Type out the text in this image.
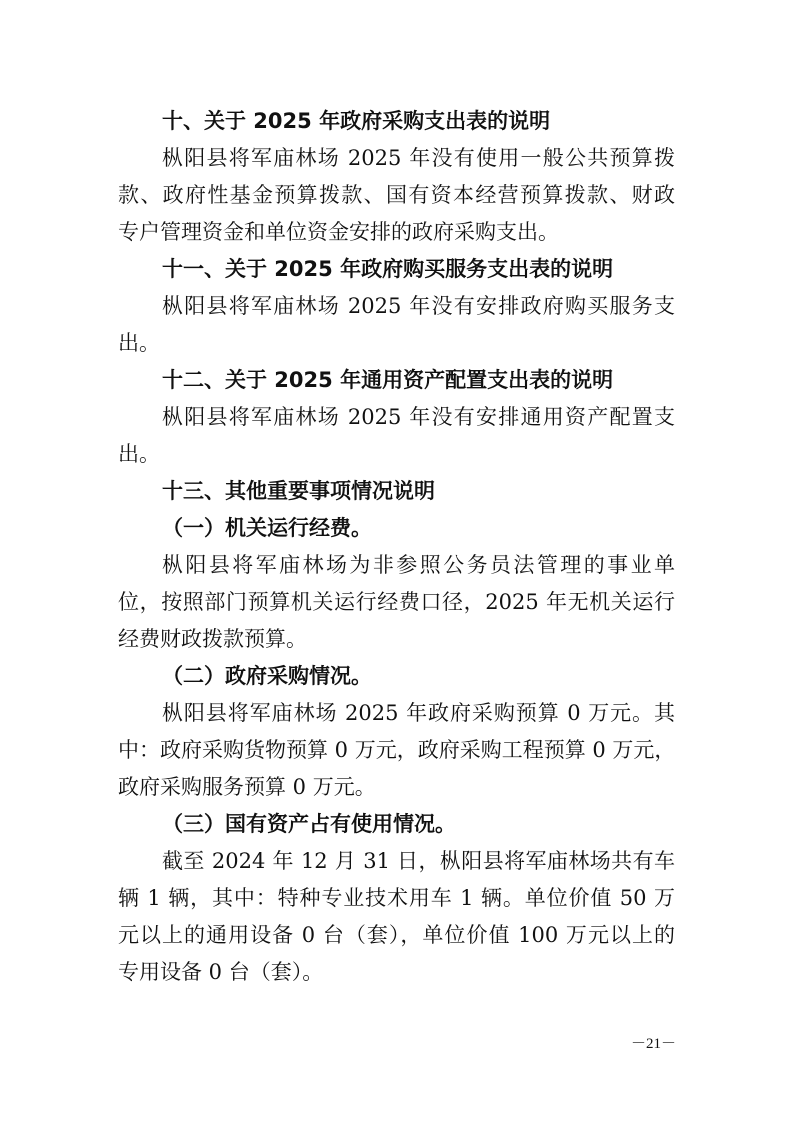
十、关于 2025 年政府采购支出表的说明
枞阳县将军庙林场 2025 年没有使用一般公共预算拨
款、政府性基金预算拨款、国有资本经营预算拨款、财政
专户管理资金和单位资金安排的政府采购支出。
十一、关于 2025 年政府购买服务支出表的说明
枞阳县将军庙林场 2025 年没有安排政府购买服务支
出。
十二、关于 2025 年通用资产配置支出表的说明
枞阳县将军庙林场 2025 年没有安排通用资产配置支
出。
十三、其他重要事项情况说明
（一）机关运行经费。
枞阳县将军庙林场为非参照公务员法管理的事业单
位，按照部门预算机关运行经费口径，2025 年无机关运行
经费财政拨款预算。
（二）政府采购情况。
枞阳县将军庙林场 2025 年政府采购预算 0 万元。其
中：政府采购货物预算 0 万元，政府采购工程预算 0 万元，
政府采购服务预算 0 万元。
（三）国有资产占有使用情况。
截至 2024 年 12 月 31 日，枞阳县将军庙林场共有车
辆 1 辆，其中：特种专业技术用车 1 辆。单位价值 50 万
元以上的通用设备 0 台（套），单位价值 100 万元以上的
专用设备 0 台（套）。
－21－
